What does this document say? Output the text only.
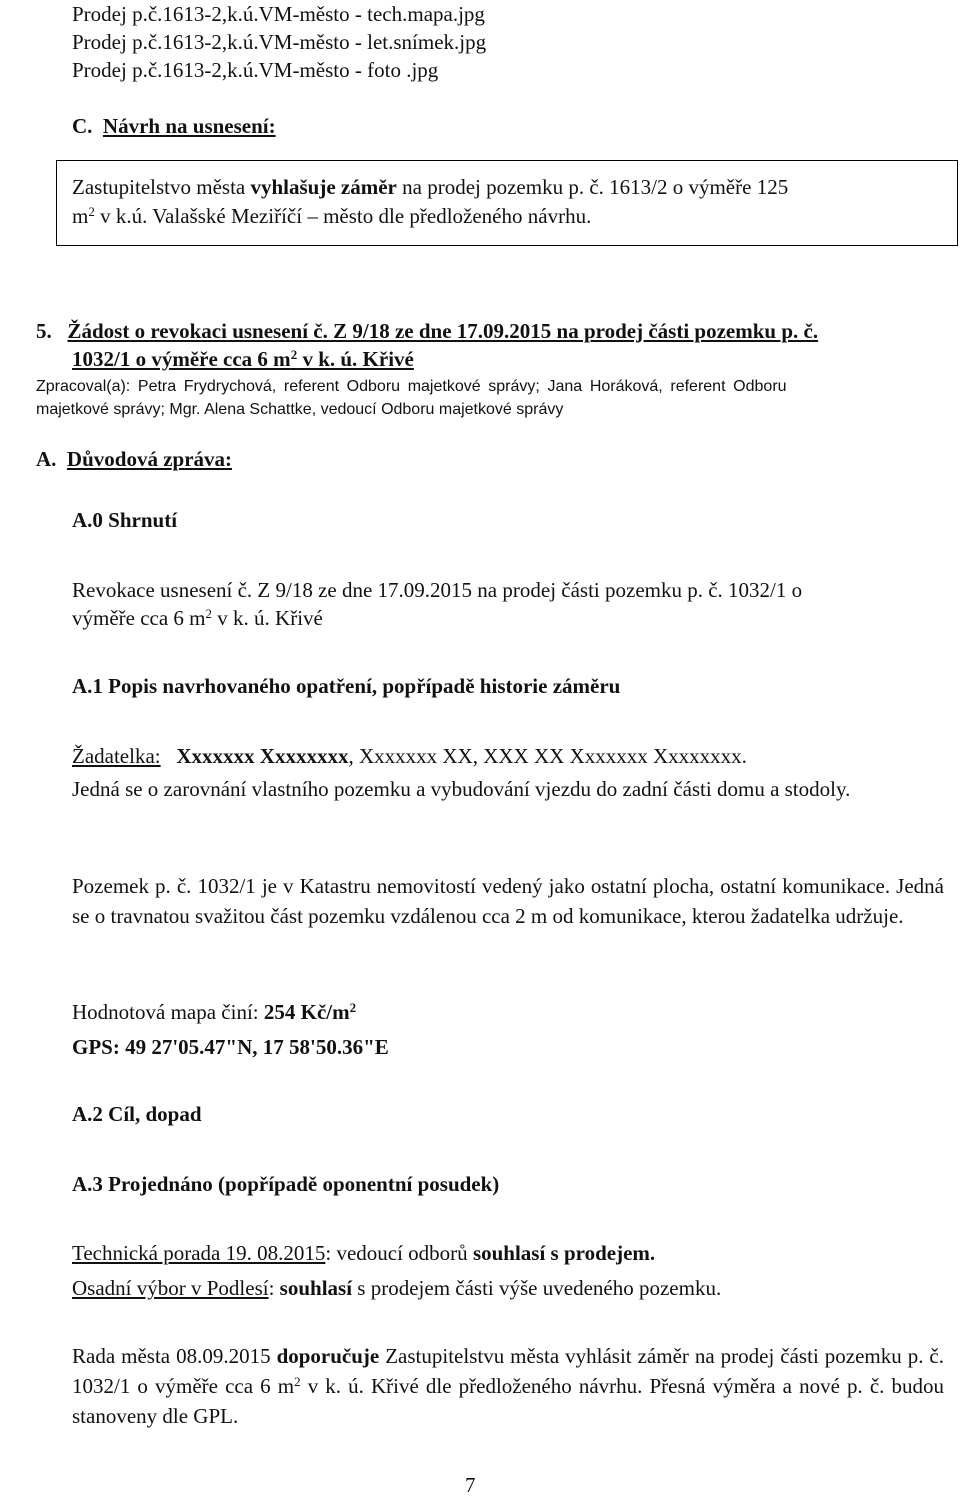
Prodej p.č.1613-2,k.ú.VM-město - tech.mapa.jpg
Prodej p.č.1613-2,k.ú.VM-město - let.snímek.jpg
Prodej p.č.1613-2,k.ú.VM-město - foto .jpg
C. Návrh na usnesení:
Zastupitelstvo města vyhlašuje záměr na prodej pozemku p. č. 1613/2 o výměře 125
$m^2$ v k.ú. Valašské Meziříčí – město dle předloženého návrhu.
5. Žádost o revokaci usnesení č. Z 9/18 ze dne 17.09.2015 na prodej části pozemku p. č.
1032/1 o výměře cca 6 $m^2$ v k. ú. Křivé
Zpracoval(a): Petra Frydrychová, referent Odboru majetkové správy; Jana Horáková, referent Odboru
majetkové správy; Mgr. Alena Schattke, vedoucí Odboru majetkové správy
A. Důvodová zpráva:
A.0 Shrnutí
Revokace usnesení č. Z 9/18 ze dne 17.09.2015 na prodej části pozemku p. č. 1032/1 o
výměře cca 6 $m^2$ v k. ú. Křivé
A.1 Popis navrhovaného opatření, popřípadě historie záměru
Žadatelka: Xxxxxxx Xxxxxxxx, Xxxxxxx XX, XXX XX Xxxxxxx Xxxxxxxx.
Jedná se o zarovnání vlastního pozemku a vybudování vjezdu do zadní části domu a stodoly.
Pozemek p. č. 1032/1 je v Katastru nemovitostí vedený jako ostatní plocha, ostatní komunikace. Jedná se o travnatou svažitou část pozemku vzdálenou cca 2 m od komunikace, kterou žadatelka udržuje.
Hodnotová mapa činí: 254 $Kč/m^2$
GPS: 49 27'05.47"N, 17 58'50.36"E
A.2 Cíl, dopad
A.3 Projednáno (popřípadě oponentní posudek)
Technická porada 19. 08.2015: vedoucí odborů souhlasí s prodejem.
Osadní výbor v Podlesí: souhlasí s prodejem části výše uvedeného pozemku.
Rada města 08.09.2015 doporučuje Zastupitelstvu města vyhlásit záměr na prodej části pozemku p. č. 1032/1 o výměře cca 6 $m^2$ v k. ú. Křivé dle předloženého návrhu. Přesná výměra a nové p. č. budou stanoveny dle GPL.
7
